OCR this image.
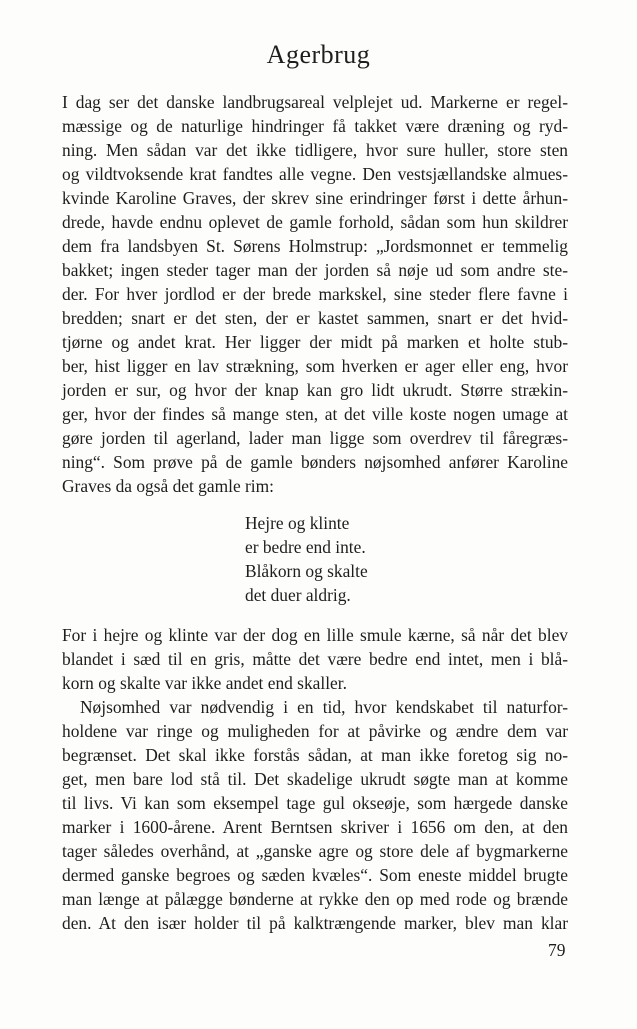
Agerbrug
I dag ser det danske landbrugsareal velplejet ud. Markerne er regel-
mæssige og de naturlige hindringer få takket være dræning og ryd-
ning. Men sådan var det ikke tidligere, hvor sure huller, store sten
og vildtvoksende krat fandtes alle vegne. Den vestsjællandske almues-
kvinde Karoline Graves, der skrev sine erindringer først i dette århun-
drede, havde endnu oplevet de gamle forhold, sådan som hun skildrer
dem fra landsbyen St. Sørens Holmstrup: „Jordsmonnet er temmelig
bakket; ingen steder tager man der jorden så nøje ud som andre ste-
der. For hver jordlod er der brede markskel, sine steder flere favne i
bredden; snart er det sten, der er kastet sammen, snart er det hvid-
tjørne og andet krat. Her ligger der midt på marken et holte stub-
ber, hist ligger en lav strækning, som hverken er ager eller eng, hvor
jorden er sur, og hvor der knap kan gro lidt ukrudt. Større strækin-
ger, hvor der findes så mange sten, at det ville koste nogen umage at
gøre jorden til agerland, lader man ligge som overdrev til fåregræs-
ning“. Som prøve på de gamle bønders nøjsomhed anfører Karoline
Graves da også det gamle rim:
Hejre og klinte
er bedre end inte.
Blåkorn og skalte
det duer aldrig.
For i hejre og klinte var der dog en lille smule kærne, så når det blev
blandet i sæd til en gris, måtte det være bedre end intet, men i blå-
korn og skalte var ikke andet end skaller.
Nøjsomhed var nødvendig i en tid, hvor kendskabet til naturfor-
holdene var ringe og muligheden for at påvirke og ændre dem var
begrænset. Det skal ikke forstås sådan, at man ikke foretog sig no-
get, men bare lod stå til. Det skadelige ukrudt søgte man at komme
til livs. Vi kan som eksempel tage gul okseøje, som hærgede danske
marker i 1600-årene. Arent Berntsen skriver i 1656 om den, at den
tager således overhånd, at „ganske agre og store dele af bygmarkerne
dermed ganske begroes og sæden kvæles“. Som eneste middel brugte
man længe at pålægge bønderne at rykke den op med rode og brænde
den. At den især holder til på kalktrængende marker, blev man klar
79
